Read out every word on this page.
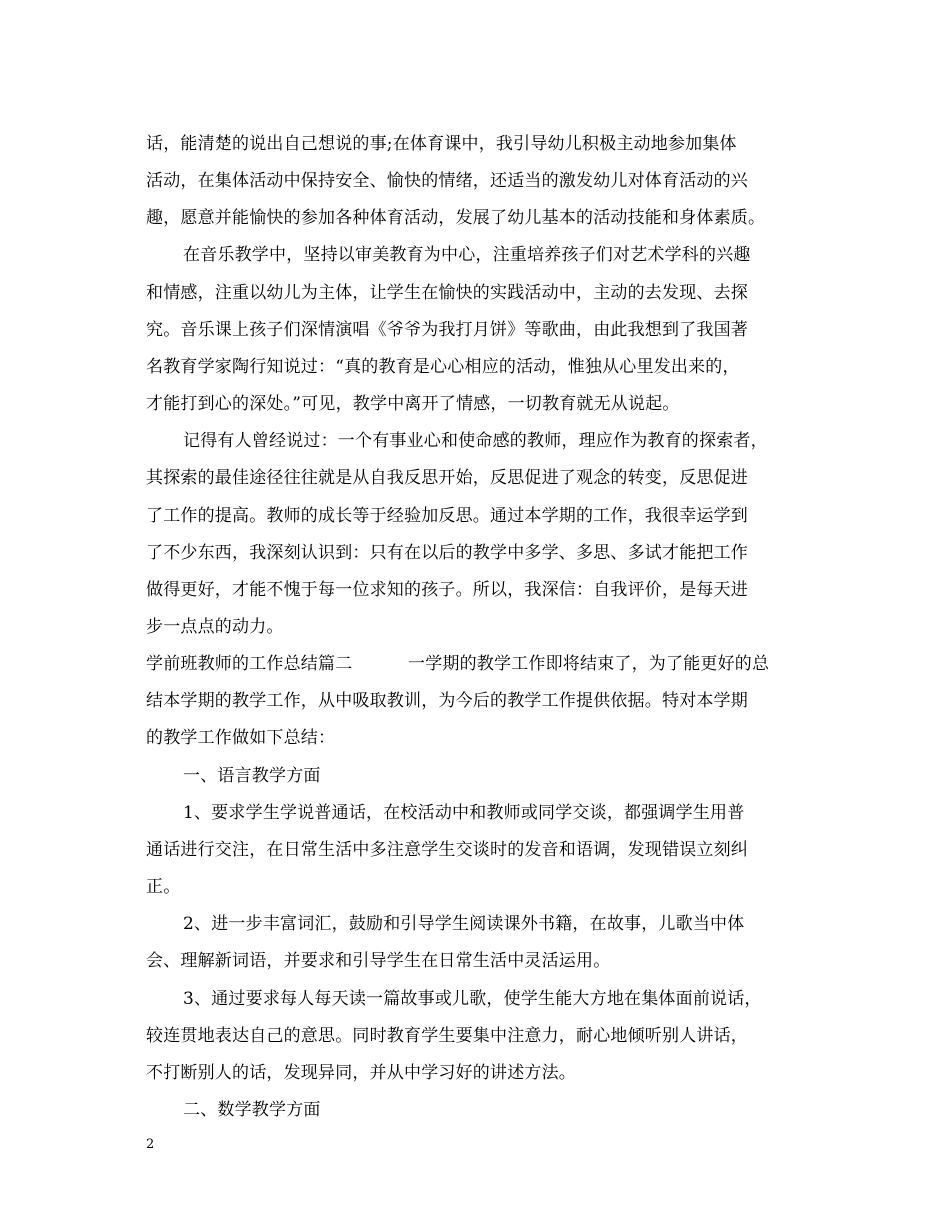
话，能清楚的说出自己想说的事;在体育课中，我引导幼儿积极主动地参加集体
活动，在集体活动中保持安全、愉快的情绪，还适当的激发幼儿对体育活动的兴
趣，愿意并能愉快的参加各种体育活动，发展了幼儿基本的活动技能和身体素质。
在音乐教学中，坚持以审美教育为中心，注重培养孩子们对艺术学科的兴趣
和情感，注重以幼儿为主体，让学生在愉快的实践活动中，主动的去发现、去探
究。音乐课上孩子们深情演唱《爷爷为我打月饼》等歌曲，由此我想到了我国著
名教育学家陶行知说过：“真的教育是心心相应的活动，惟独从心里发出来的，
才能打到心的深处。”可见，教学中离开了情感，一切教育就无从说起。
记得有人曾经说过：一个有事业心和使命感的教师，理应作为教育的探索者，
其探索的最佳途径往往就是从自我反思开始，反思促进了观念的转变，反思促进
了工作的提高。教师的成长等于经验加反思。通过本学期的工作，我很幸运学到
了不少东西，我深刻认识到：只有在以后的教学中多学、多思、多试才能把工作
做得更好，才能不愧于每一位求知的孩子。所以，我深信：自我评价，是每天进
步一点点的动力。
学前班教师的工作总结篇二	一学期的教学工作即将结束了，为了能更好的总
结本学期的教学工作，从中吸取教训，为今后的教学工作提供依据。特对本学期
的教学工作做如下总结：
一、语言教学方面
1、要求学生学说普通话，在校活动中和教师或同学交谈，都强调学生用普
通话进行交注，在日常生活中多注意学生交谈时的发音和语调，发现错误立刻纠
正。
2、进一步丰富词汇，鼓励和引导学生阅读课外书籍，在故事，儿歌当中体
会、理解新词语，并要求和引导学生在日常生活中灵活运用。
3、通过要求每人每天读一篇故事或儿歌，使学生能大方地在集体面前说话，
较连贯地表达自己的意思。同时教育学生要集中注意力，耐心地倾听别人讲话，
不打断别人的话，发现异同，并从中学习好的讲述方法。
二、数学教学方面
2
